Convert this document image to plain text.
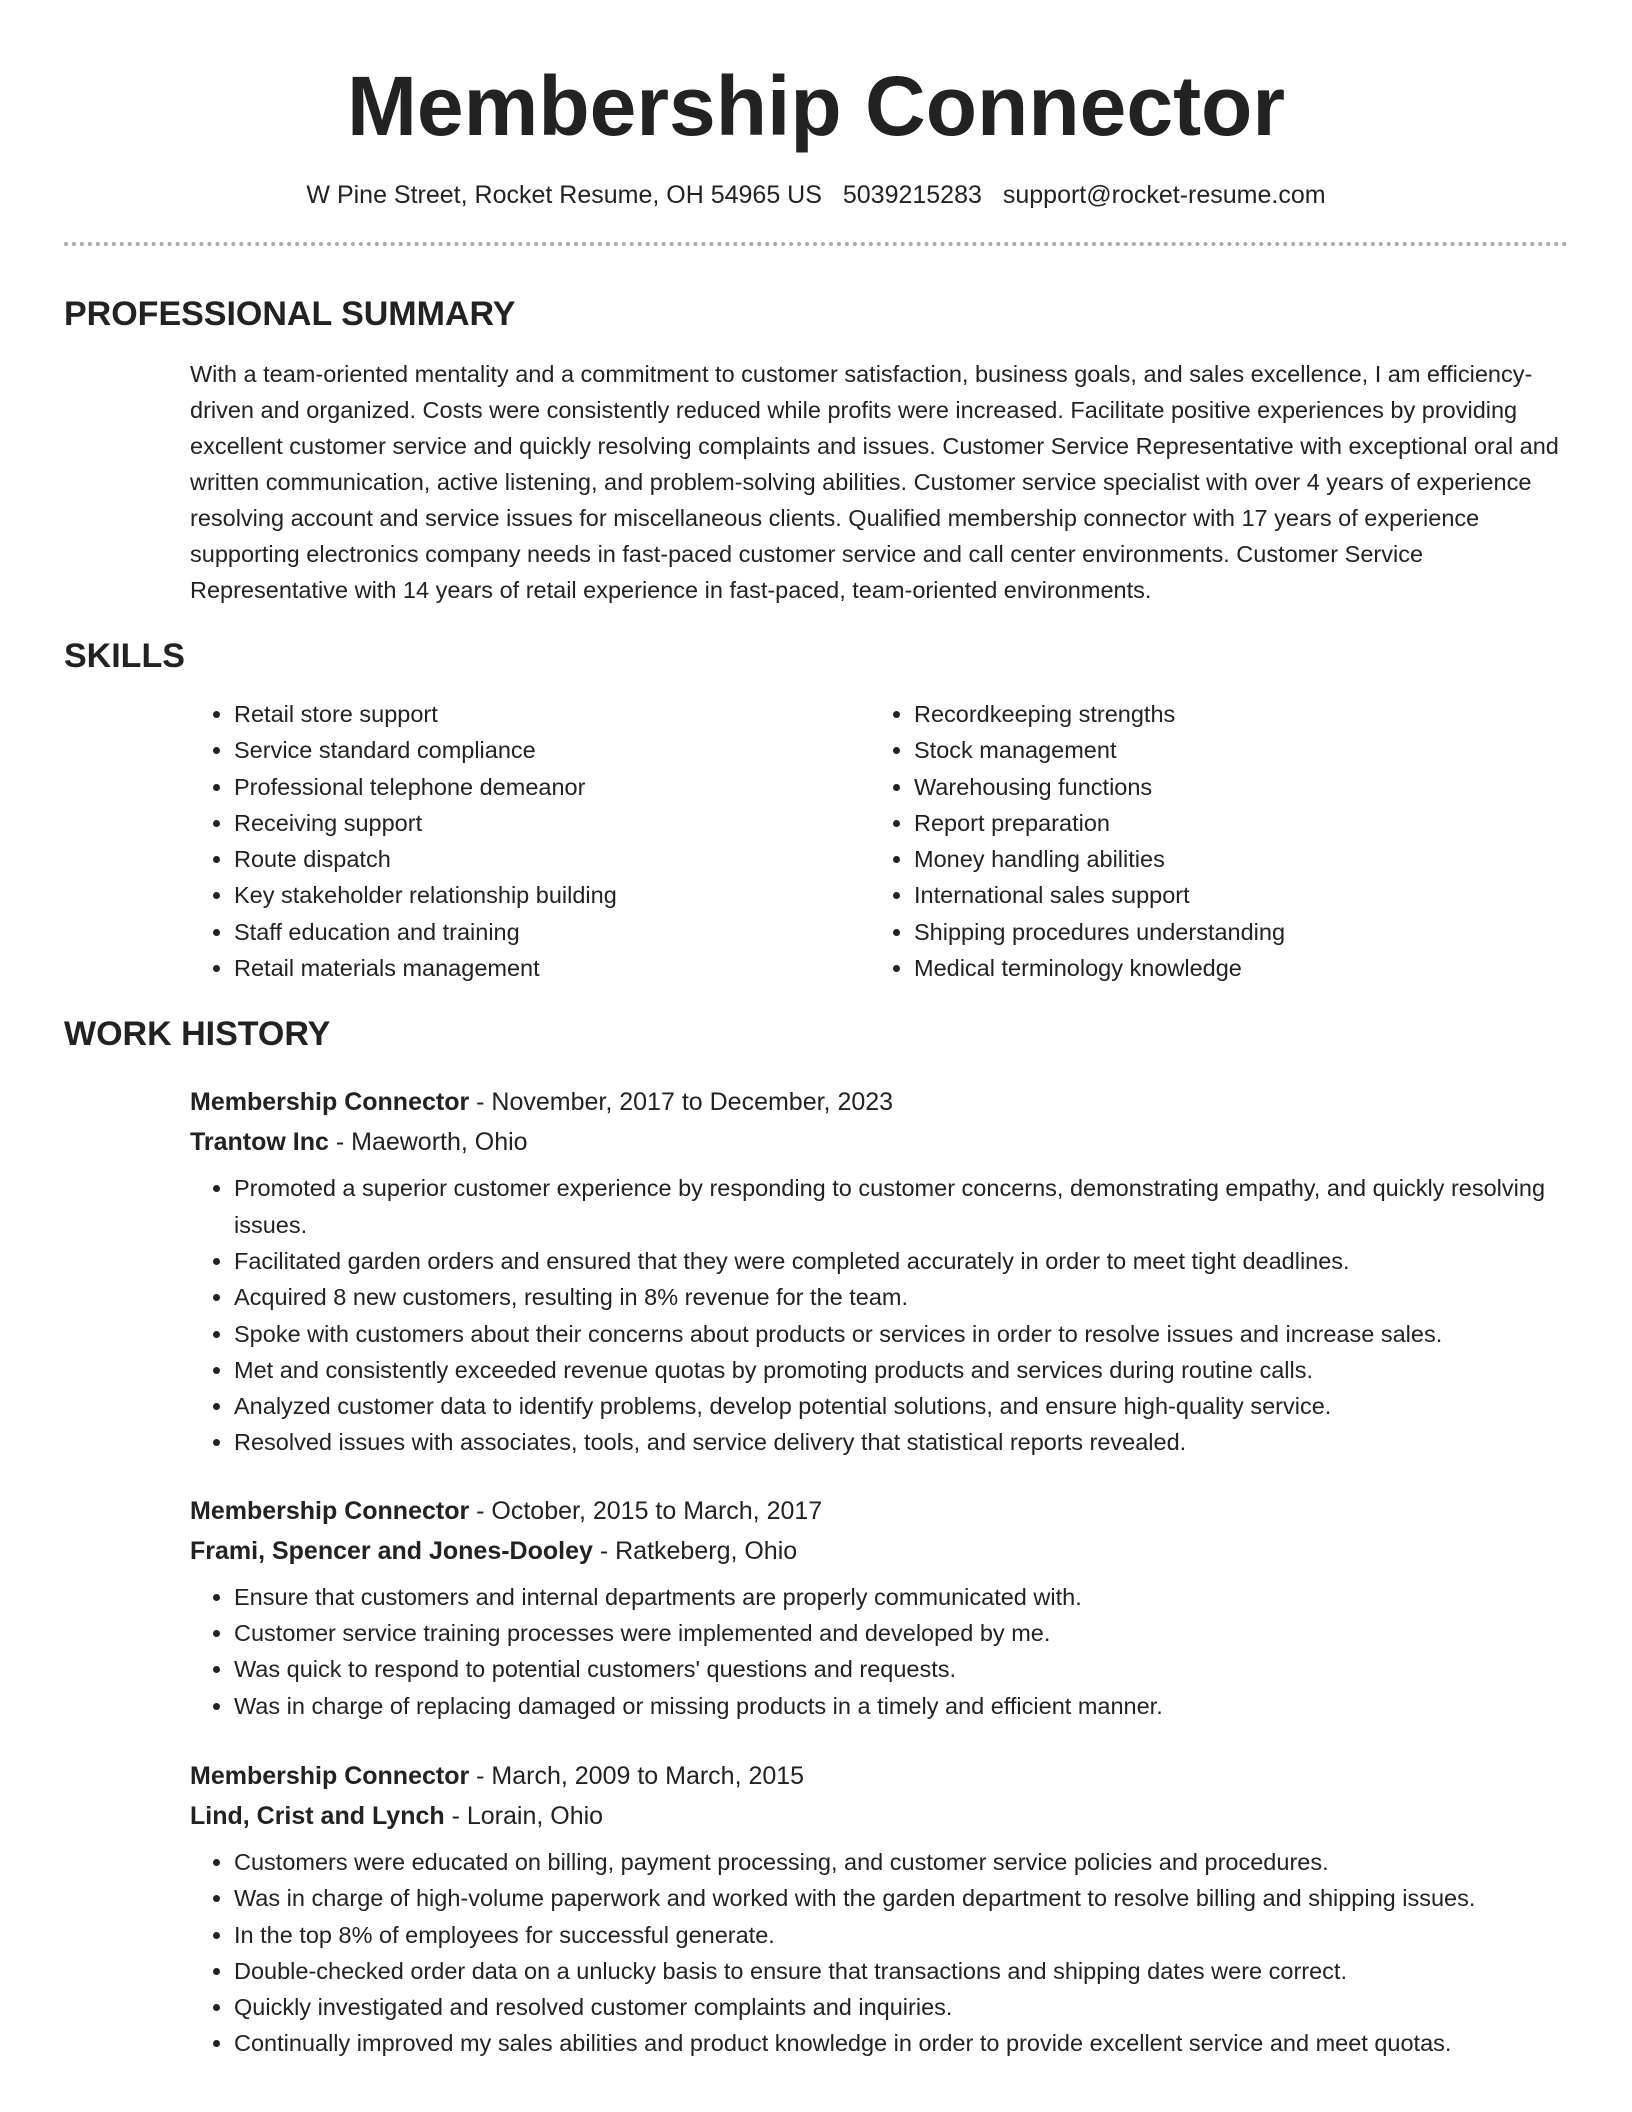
Membership Connector
W Pine Street, Rocket Resume, OH 54965 US 5039215283 support@rocket-resume.com
PROFESSIONAL SUMMARY

With a team-oriented mentality and a commitment to customer satisfaction, business goals, and sales excellence, I am efficiency-driven and organized. Costs were consistently reduced while profits were increased. Facilitate positive experiences by providing excellent customer service and quickly resolving complaints and issues. Customer Service Representative with exceptional oral and written communication, active listening, and problem-solving abilities. Customer service specialist with over 4 years of experience resolving account and service issues for miscellaneous clients. Qualified membership connector with 17 years of experience supporting electronics company needs in fast-paced customer service and call center environments. Customer Service Representative with 14 years of retail experience in fast-paced, team-oriented environments.

SKILLS
• Retail store support
• Service standard compliance
• Professional telephone demeanor
• Receiving support
• Route dispatch
• Key stakeholder relationship building
• Staff education and training
• Retail materials management
• Recordkeeping strengths
• Stock management
• Warehousing functions
• Report preparation
• Money handling abilities
• International sales support
• Shipping procedures understanding
• Medical terminology knowledge
WORK HISTORY
Membership Connector - November, 2017 to December, 2023
Trantow Inc - Maeworth, Ohio
• Promoted a superior customer experience by responding to customer concerns, demonstrating empathy, and quickly resolving issues.
• Facilitated garden orders and ensured that they were completed accurately in order to meet tight deadlines.
• Acquired 8 new customers, resulting in 8% revenue for the team.
• Spoke with customers about their concerns about products or services in order to resolve issues and increase sales.
• Met and consistently exceeded revenue quotas by promoting products and services during routine calls.
• Analyzed customer data to identify problems, develop potential solutions, and ensure high-quality service.
• Resolved issues with associates, tools, and service delivery that statistical reports revealed.
Membership Connector - October, 2015 to March, 2017
Frami, Spencer and Jones-Dooley - Ratkeberg, Ohio
• Ensure that customers and internal departments are properly communicated with.
• Customer service training processes were implemented and developed by me.
• Was quick to respond to potential customers' questions and requests.
• Was in charge of replacing damaged or missing products in a timely and efficient manner.
Membership Connector - March, 2009 to March, 2015
Lind, Crist and Lynch - Lorain, Ohio
• Customers were educated on billing, payment processing, and customer service policies and procedures.
• Was in charge of high-volume paperwork and worked with the garden department to resolve billing and shipping issues.
• In the top 8% of employees for successful generate.
• Double-checked order data on a unlucky basis to ensure that transactions and shipping dates were correct.
• Quickly investigated and resolved customer complaints and inquiries.
• Continually improved my sales abilities and product knowledge in order to provide excellent service and meet quotas.
